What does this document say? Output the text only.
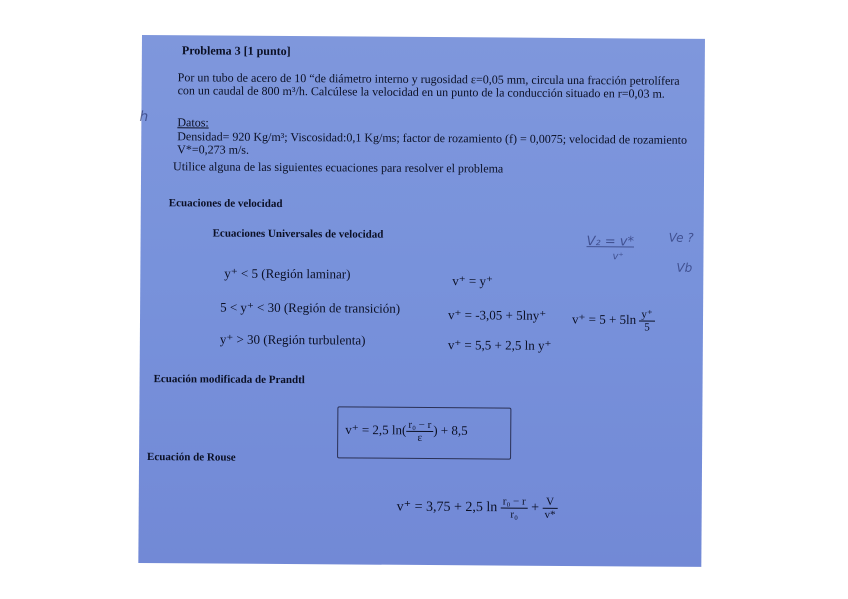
Problema 3 [1 punto]
Por un tubo de acero de 10 “de diámetro interno y rugosidad ε=0,05 mm, circula una fracción petrolífera con un caudal de 800 m³/h. Calcúlese la velocidad en un punto de la conducción situado en r=0,03 m.
Datos:
Densidad= 920 Kg/m³; Viscosidad:0,1 Kg/ms; factor de rozamiento (f) = 0,0075; velocidad de rozamiento V*=0,273 m/s.
Utilice alguna de las siguientes ecuaciones para resolver el problema
Ecuaciones de velocidad
Ecuaciones Universales de velocidad
y⁺ < 5 (Región laminar)	v⁺ = y⁺
5 < y⁺ < 30 (Región de transición)	v⁺ = -3,05 + 5lny⁺ $v^+ = 5 + 5\ln \frac{y^+}{5}$
y⁺ > 30 (Región turbulenta)	v⁺ = 5,5 + 2,5 ln y⁺
Ecuación modificada de Prandtl
v⁺ = 2,5 $\ln( \frac{\text{r₀ − r}}{\varepsilon}$ ) + 8,5
Ecuación de Rouse
v⁺ = 3,75 + 2,5 $\ln \frac{\text{r₀ − r}}{\text{r₀}} + \frac{V}{v*}$
h
V₂ = v*
v⁺
Ve ?
Vb
